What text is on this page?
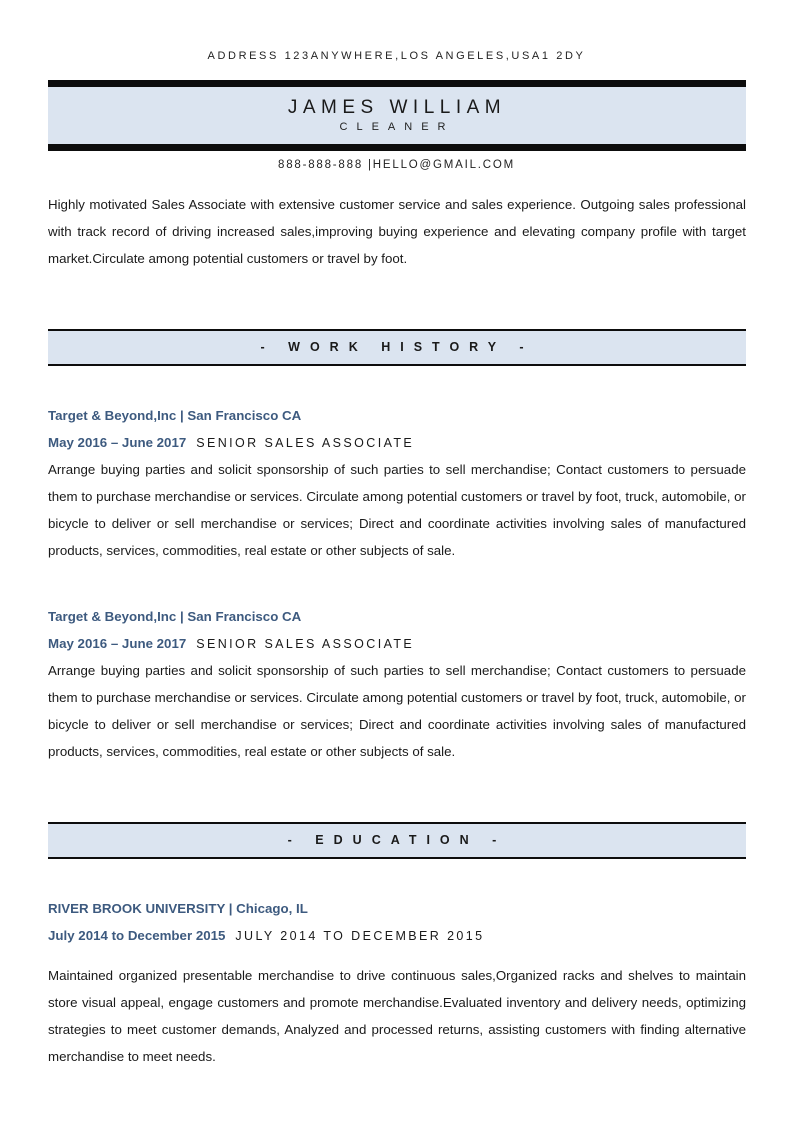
ADDRESS 123ANYWHERE,LOS ANGELES,USA1 2DY
JAMES WILLIAM
CLEANER
888-888-888 |HELLO@GMAIL.COM
Highly motivated Sales Associate with extensive customer service and sales experience. Outgoing sales professional with track record of driving increased sales,improving buying experience and elevating company profile with target market.Circulate among potential customers or travel by foot.
- WORK HISTORY -
Target & Beyond,Inc | San Francisco CA
May 2016 – June 2017 SENIOR SALES ASSOCIATE
Arrange buying parties and solicit sponsorship of such parties to sell merchandise; Contact customers to persuade them to purchase merchandise or services. Circulate among potential customers or travel by foot, truck, automobile, or bicycle to deliver or sell merchandise or services; Direct and coordinate activities involving sales of manufactured products, services, commodities, real estate or other subjects of sale.
Target & Beyond,Inc | San Francisco CA
May 2016 – June 2017 SENIOR SALES ASSOCIATE
Arrange buying parties and solicit sponsorship of such parties to sell merchandise; Contact customers to persuade them to purchase merchandise or services. Circulate among potential customers or travel by foot, truck, automobile, or bicycle to deliver or sell merchandise or services; Direct and coordinate activities involving sales of manufactured products, services, commodities, real estate or other subjects of sale.
- EDUCATION -
RIVER BROOK UNIVERSITY | Chicago, IL
July 2014 to December 2015 JULY 2014 TO DECEMBER 2015
Maintained organized presentable merchandise to drive continuous sales,Organized racks and shelves to maintain store visual appeal, engage customers and promote merchandise.Evaluated inventory and delivery needs, optimizing strategies to meet customer demands, Analyzed and processed returns, assisting customers with finding alternative merchandise to meet needs.
